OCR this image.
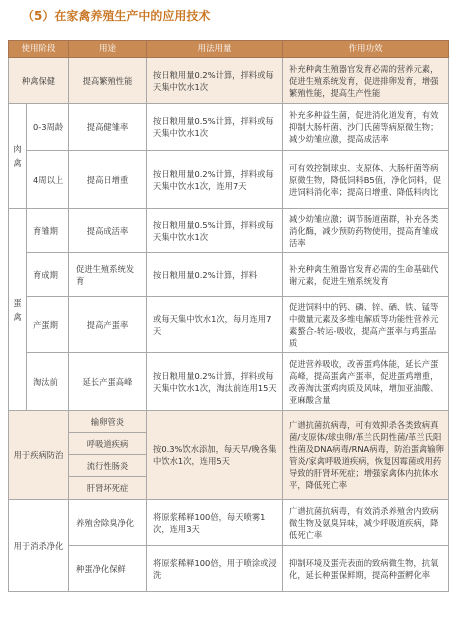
（5）在家禽养殖生产中的应用技术
使用阶段		用途	用法用量	作用功效
种禽保健		提高繁殖性能	按日粮用量0.2%计算，拌料或每天集中饮水1次	补充种禽生殖器官发育必需的营养元素，促进生殖系统发育，促进排卵发育，增强繁殖性能，提高生产性能
肉禽	0-3周龄	提高健雏率	按日粮用量0.5%计算，拌料或每天集中饮水1次	补充多种益生菌，促进消化道发育，有效抑制大肠杆菌、沙门氏菌等病原微生物；减少幼雏应激，提高成活率
	4周以上	提高日增重	按日粮用量0.2%计算，拌料或每天集中饮水1次，连用7天	可有效控制球虫、支原体、大肠杆菌等病原微生物，降低饲料B5值，净化饲料，促进饲料消化率；提高日增重、降低料肉比
蛋禽	育雏期	提高成活率	按日粮用量0.5%计算，拌料或每天集中饮水1次	减少幼雏应激；调节肠道菌群，补充各类消化酶，减少预防药物使用，提高育雏成活率
	育成期	促进生殖系统发育	按日粮用量0.2%计算，拌料	补充种禽生殖器官发育必需的生命基础代谢元素，促进生殖系统发育
	产蛋期	提高产蛋率	或每天集中饮水1次，每月连用7天	促进饲料中的钙、磷、锌、硒、铁、锰等中微量元素及多维电解质等功能性营养元素螯合-转运-吸收，提高产蛋率与鸡蛋品质
	淘汰前	延长产蛋高峰	按日粮用量0.2%计算，拌料或每天集中饮水1次，淘汰前连用15天	促进营养吸收，改善蛋鸡体能，延长产蛋高峰，提高蛋禽产蛋率，促进蛋鸡增重，改善淘汰蛋鸡肉质及风味，增加亚油酸、亚麻酸含量
用于疾病防治		输卵管炎	按0.3%饮水添加，每天早/晚各集中饮水1次，连用5天	广谱抗菌抗病毒，可有效抑杀各类致病真菌/支原体/球虫卵/革兰氏阴性菌/革兰氏阳性菌及DNA病毒/RNA病毒，防治蛋禽输卵管炎/家禽呼吸道疾病，恢复因霉菌或用药导致的肝肾坏死症；增强家禽体内抗体水平，降低死亡率
		呼吸道疾病		
		流行性肠炎		
		肝肾坏死症		
用于消杀净化		养殖舍除臭净化	将原浆稀释100倍，每天喷雾1次，连用3天	广谱抗菌抗病毒，有效消杀养殖舍内致病微生物及氨臭异味，减少呼吸道疾病，降低死亡率
		种蛋净化保鲜	将原浆稀释100倍，用于喷涂或浸洗	抑制环境及蛋壳表面的致病微生物，抗氧化，延长种蛋保鲜期，提高种蛋孵化率
